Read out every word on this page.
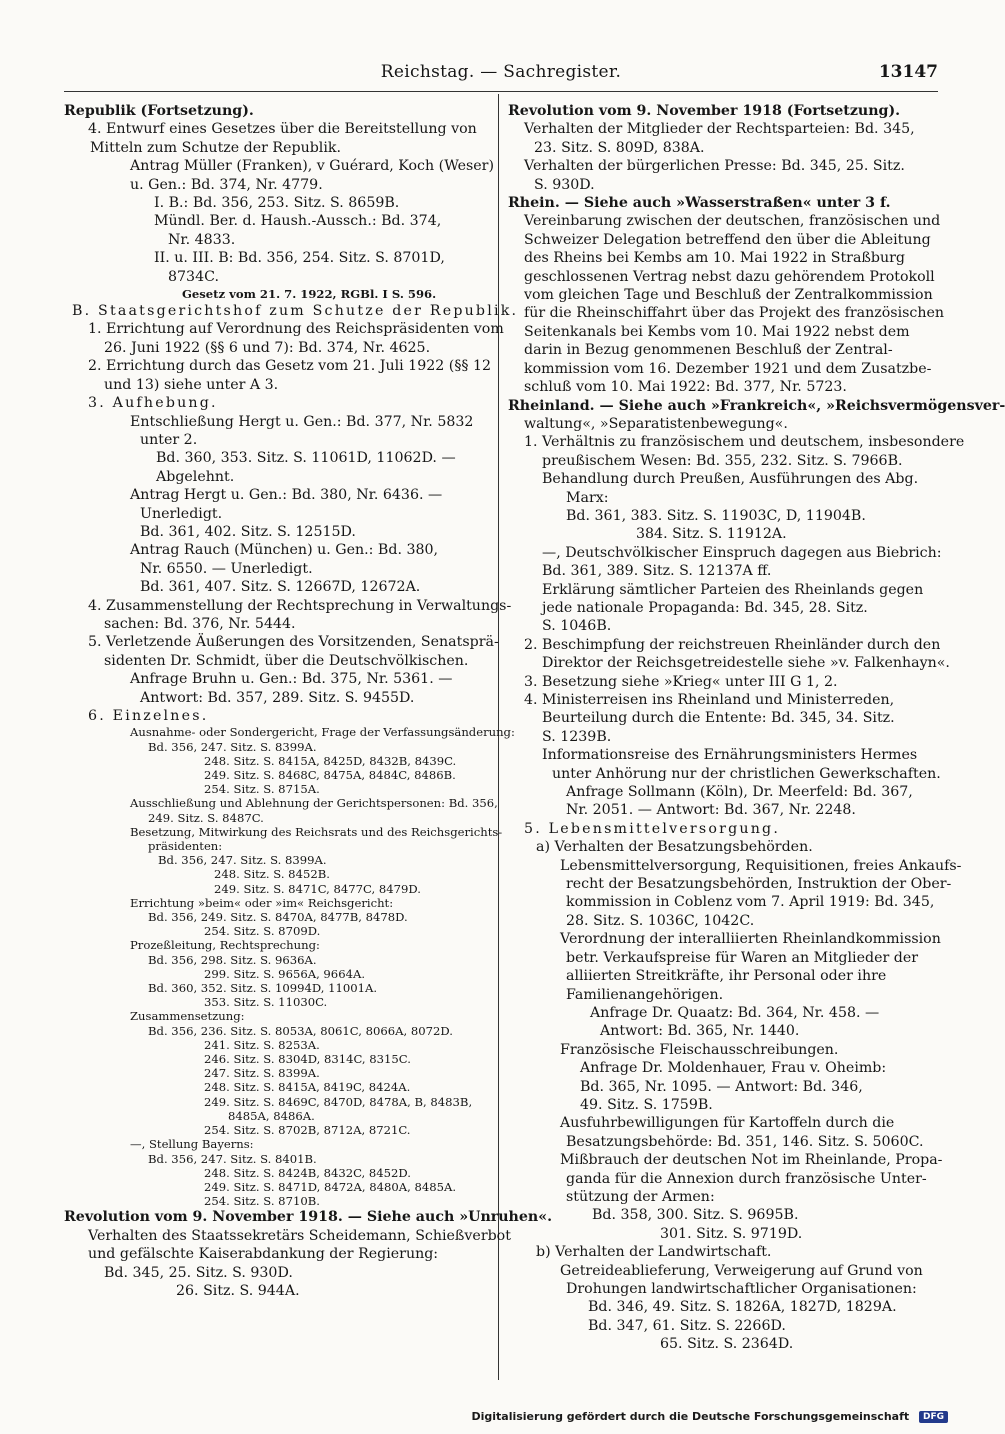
Reichstag. — Sachregister.	13147
Republik (Fortsetzung).
4. Entwurf eines Gesetzes über die Bereitstellung von
Mitteln zum Schutze der Republik.
Antrag Müller (Franken), v Guérard, Koch (Weser)
u. Gen.: Bd. 374, Nr. 4779.
I. B.: Bd. 356, 253. Sitz. S. 8659B.
Mündl. Ber. d. Haush.-Aussch.: Bd. 374,
Nr. 4833.
II. u. III. B: Bd. 356, 254. Sitz. S. 8701D,
8734C.
Gesetz vom 21. 7. 1922, RGBl. I S. 596.
B. Staatsgerichtshof zum Schutze der Republik.
1. Errichtung auf Verordnung des Reichspräsidenten vom
26. Juni 1922 (§§ 6 und 7): Bd. 374, Nr. 4625.
2. Errichtung durch das Gesetz vom 21. Juli 1922 (§§ 12
und 13) siehe unter A 3.
3. Aufhebung.
Entschließung Hergt u. Gen.: Bd. 377, Nr. 5832
unter 2.
Bd. 360, 353. Sitz. S. 11061D, 11062D. —
Abgelehnt.
Antrag Hergt u. Gen.: Bd. 380, Nr. 6436. —
Unerledigt.
Bd. 361, 402. Sitz. S. 12515D.
Antrag Rauch (München) u. Gen.: Bd. 380,
Nr. 6550. — Unerledigt.
Bd. 361, 407. Sitz. S. 12667D, 12672A.
4. Zusammenstellung der Rechtsprechung in Verwaltungs-
sachen: Bd. 376, Nr. 5444.
5. Verletzende Äußerungen des Vorsitzenden, Senatsprä-
sidenten Dr. Schmidt, über die Deutschvölkischen.
Anfrage Bruhn u. Gen.: Bd. 375, Nr. 5361. —
Antwort: Bd. 357, 289. Sitz. S. 9455D.
6. Einzelnes.
Ausnahme- oder Sondergericht, Frage der Verfassungsänderung:
Bd. 356, 247. Sitz. S. 8399A.
248. Sitz. S. 8415A, 8425D, 8432B, 8439C.
249. Sitz. S. 8468C, 8475A, 8484C, 8486B.
254. Sitz. S. 8715A.
Ausschließung und Ablehnung der Gerichtspersonen: Bd. 356,
249. Sitz. S. 8487C.
Besetzung, Mitwirkung des Reichsrats und des Reichsgerichts-
präsidenten:
Bd. 356, 247. Sitz. S. 8399A.
248. Sitz. S. 8452B.
249. Sitz. S. 8471C, 8477C, 8479D.
Errichtung »beim« oder »im« Reichsgericht:
Bd. 356, 249. Sitz. S. 8470A, 8477B, 8478D.
254. Sitz. S. 8709D.
Prozeßleitung, Rechtsprechung:
Bd. 356, 298. Sitz. S. 9636A.
299. Sitz. S. 9656A, 9664A.
Bd. 360, 352. Sitz. S. 10994D, 11001A.
353. Sitz. S. 11030C.
Zusammensetzung:
Bd. 356, 236. Sitz. S. 8053A, 8061C, 8066A, 8072D.
241. Sitz. S. 8253A.
246. Sitz. S. 8304D, 8314C, 8315C.
247. Sitz. S. 8399A.
248. Sitz. S. 8415A, 8419C, 8424A.
249. Sitz. S. 8469C, 8470D, 8478A, B, 8483B,
8485A, 8486A.
254. Sitz. S. 8702B, 8712A, 8721C.
—, Stellung Bayerns:
Bd. 356, 247. Sitz. S. 8401B.
248. Sitz. S. 8424B, 8432C, 8452D.
249. Sitz. S. 8471D, 8472A, 8480A, 8485A.
254. Sitz. S. 8710B.
Revolution vom 9. November 1918. — Siehe auch »Unruhen«.
Verhalten des Staatssekretärs Scheidemann, Schießverbot
und gefälschte Kaiserabdankung der Regierung:
Bd. 345, 25. Sitz. S. 930D.
26. Sitz. S. 944A.
Revolution vom 9. November 1918 (Fortsetzung).
Verhalten der Mitglieder der Rechtsparteien: Bd. 345,
23. Sitz. S. 809D, 838A.
Verhalten der bürgerlichen Presse: Bd. 345, 25. Sitz.
S. 930D.
Rhein. — Siehe auch »Wasserstraßen« unter 3 f.
Vereinbarung zwischen der deutschen, französischen und
Schweizer Delegation betreffend den über die Ableitung
des Rheins bei Kembs am 10. Mai 1922 in Straßburg
geschlossenen Vertrag nebst dazu gehörendem Protokoll
vom gleichen Tage und Beschluß der Zentralkommission
für die Rheinschiffahrt über das Projekt des französischen
Seitenkanals bei Kembs vom 10. Mai 1922 nebst dem
darin in Bezug genommenen Beschluß der Zentral-
kommission vom 16. Dezember 1921 und dem Zusatzbe-
schluß vom 10. Mai 1922: Bd. 377, Nr. 5723.
Rheinland. — Siehe auch »Frankreich«, »Reichsvermögensver-
waltung«, »Separatistenbewegung«.
1. Verhältnis zu französischem und deutschem, insbesondere
preußischem Wesen: Bd. 355, 232. Sitz. S. 7966B.
Behandlung durch Preußen, Ausführungen des Abg.
Marx:
Bd. 361, 383. Sitz. S. 11903C, D, 11904B.
384. Sitz. S. 11912A.
—, Deutschvölkischer Einspruch dagegen aus Biebrich:
Bd. 361, 389. Sitz. S. 12137A ff.
Erklärung sämtlicher Parteien des Rheinlands gegen
jede nationale Propaganda: Bd. 345, 28. Sitz.
S. 1046B.
2. Beschimpfung der reichstreuen Rheinländer durch den
Direktor der Reichsgetreidestelle siehe »v. Falkenhayn«.
3. Besetzung siehe »Krieg« unter III G 1, 2.
4. Ministerreisen ins Rheinland und Ministerreden,
Beurteilung durch die Entente: Bd. 345, 34. Sitz.
S. 1239B.
Informationsreise des Ernährungsministers Hermes
unter Anhörung nur der christlichen Gewerkschaften.
Anfrage Sollmann (Köln), Dr. Meerfeld: Bd. 367,
Nr. 2051. — Antwort: Bd. 367, Nr. 2248.
5. Lebensmittelversorgung.
a) Verhalten der Besatzungsbehörden.
Lebensmittelversorgung, Requisitionen, freies Ankaufs-
recht der Besatzungsbehörden, Instruktion der Ober-
kommission in Coblenz vom 7. April 1919: Bd. 345,
28. Sitz. S. 1036C, 1042C.
Verordnung der interalliierten Rheinlandkommission
betr. Verkaufspreise für Waren an Mitglieder der
alliierten Streitkräfte, ihr Personal oder ihre
Familienangehörigen.
Anfrage Dr. Quaatz: Bd. 364, Nr. 458. —
Antwort: Bd. 365, Nr. 1440.
Französische Fleischausschreibungen.
Anfrage Dr. Moldenhauer, Frau v. Oheimb:
Bd. 365, Nr. 1095. — Antwort: Bd. 346,
49. Sitz. S. 1759B.
Ausfuhrbewilligungen für Kartoffeln durch die
Besatzungsbehörde: Bd. 351, 146. Sitz. S. 5060C.
Mißbrauch der deutschen Not im Rheinlande, Propa-
ganda für die Annexion durch französische Unter-
stützung der Armen:
Bd. 358, 300. Sitz. S. 9695B.
301. Sitz. S. 9719D.
b) Verhalten der Landwirtschaft.
Getreideablieferung, Verweigerung auf Grund von
Drohungen landwirtschaftlicher Organisationen:
Bd. 346, 49. Sitz. S. 1826A, 1827D, 1829A.
Bd. 347, 61. Sitz. S. 2266D.
65. Sitz. S. 2364D.
Digitalisierung gefördert durch die Deutsche Forschungsgemeinschaft DFG
